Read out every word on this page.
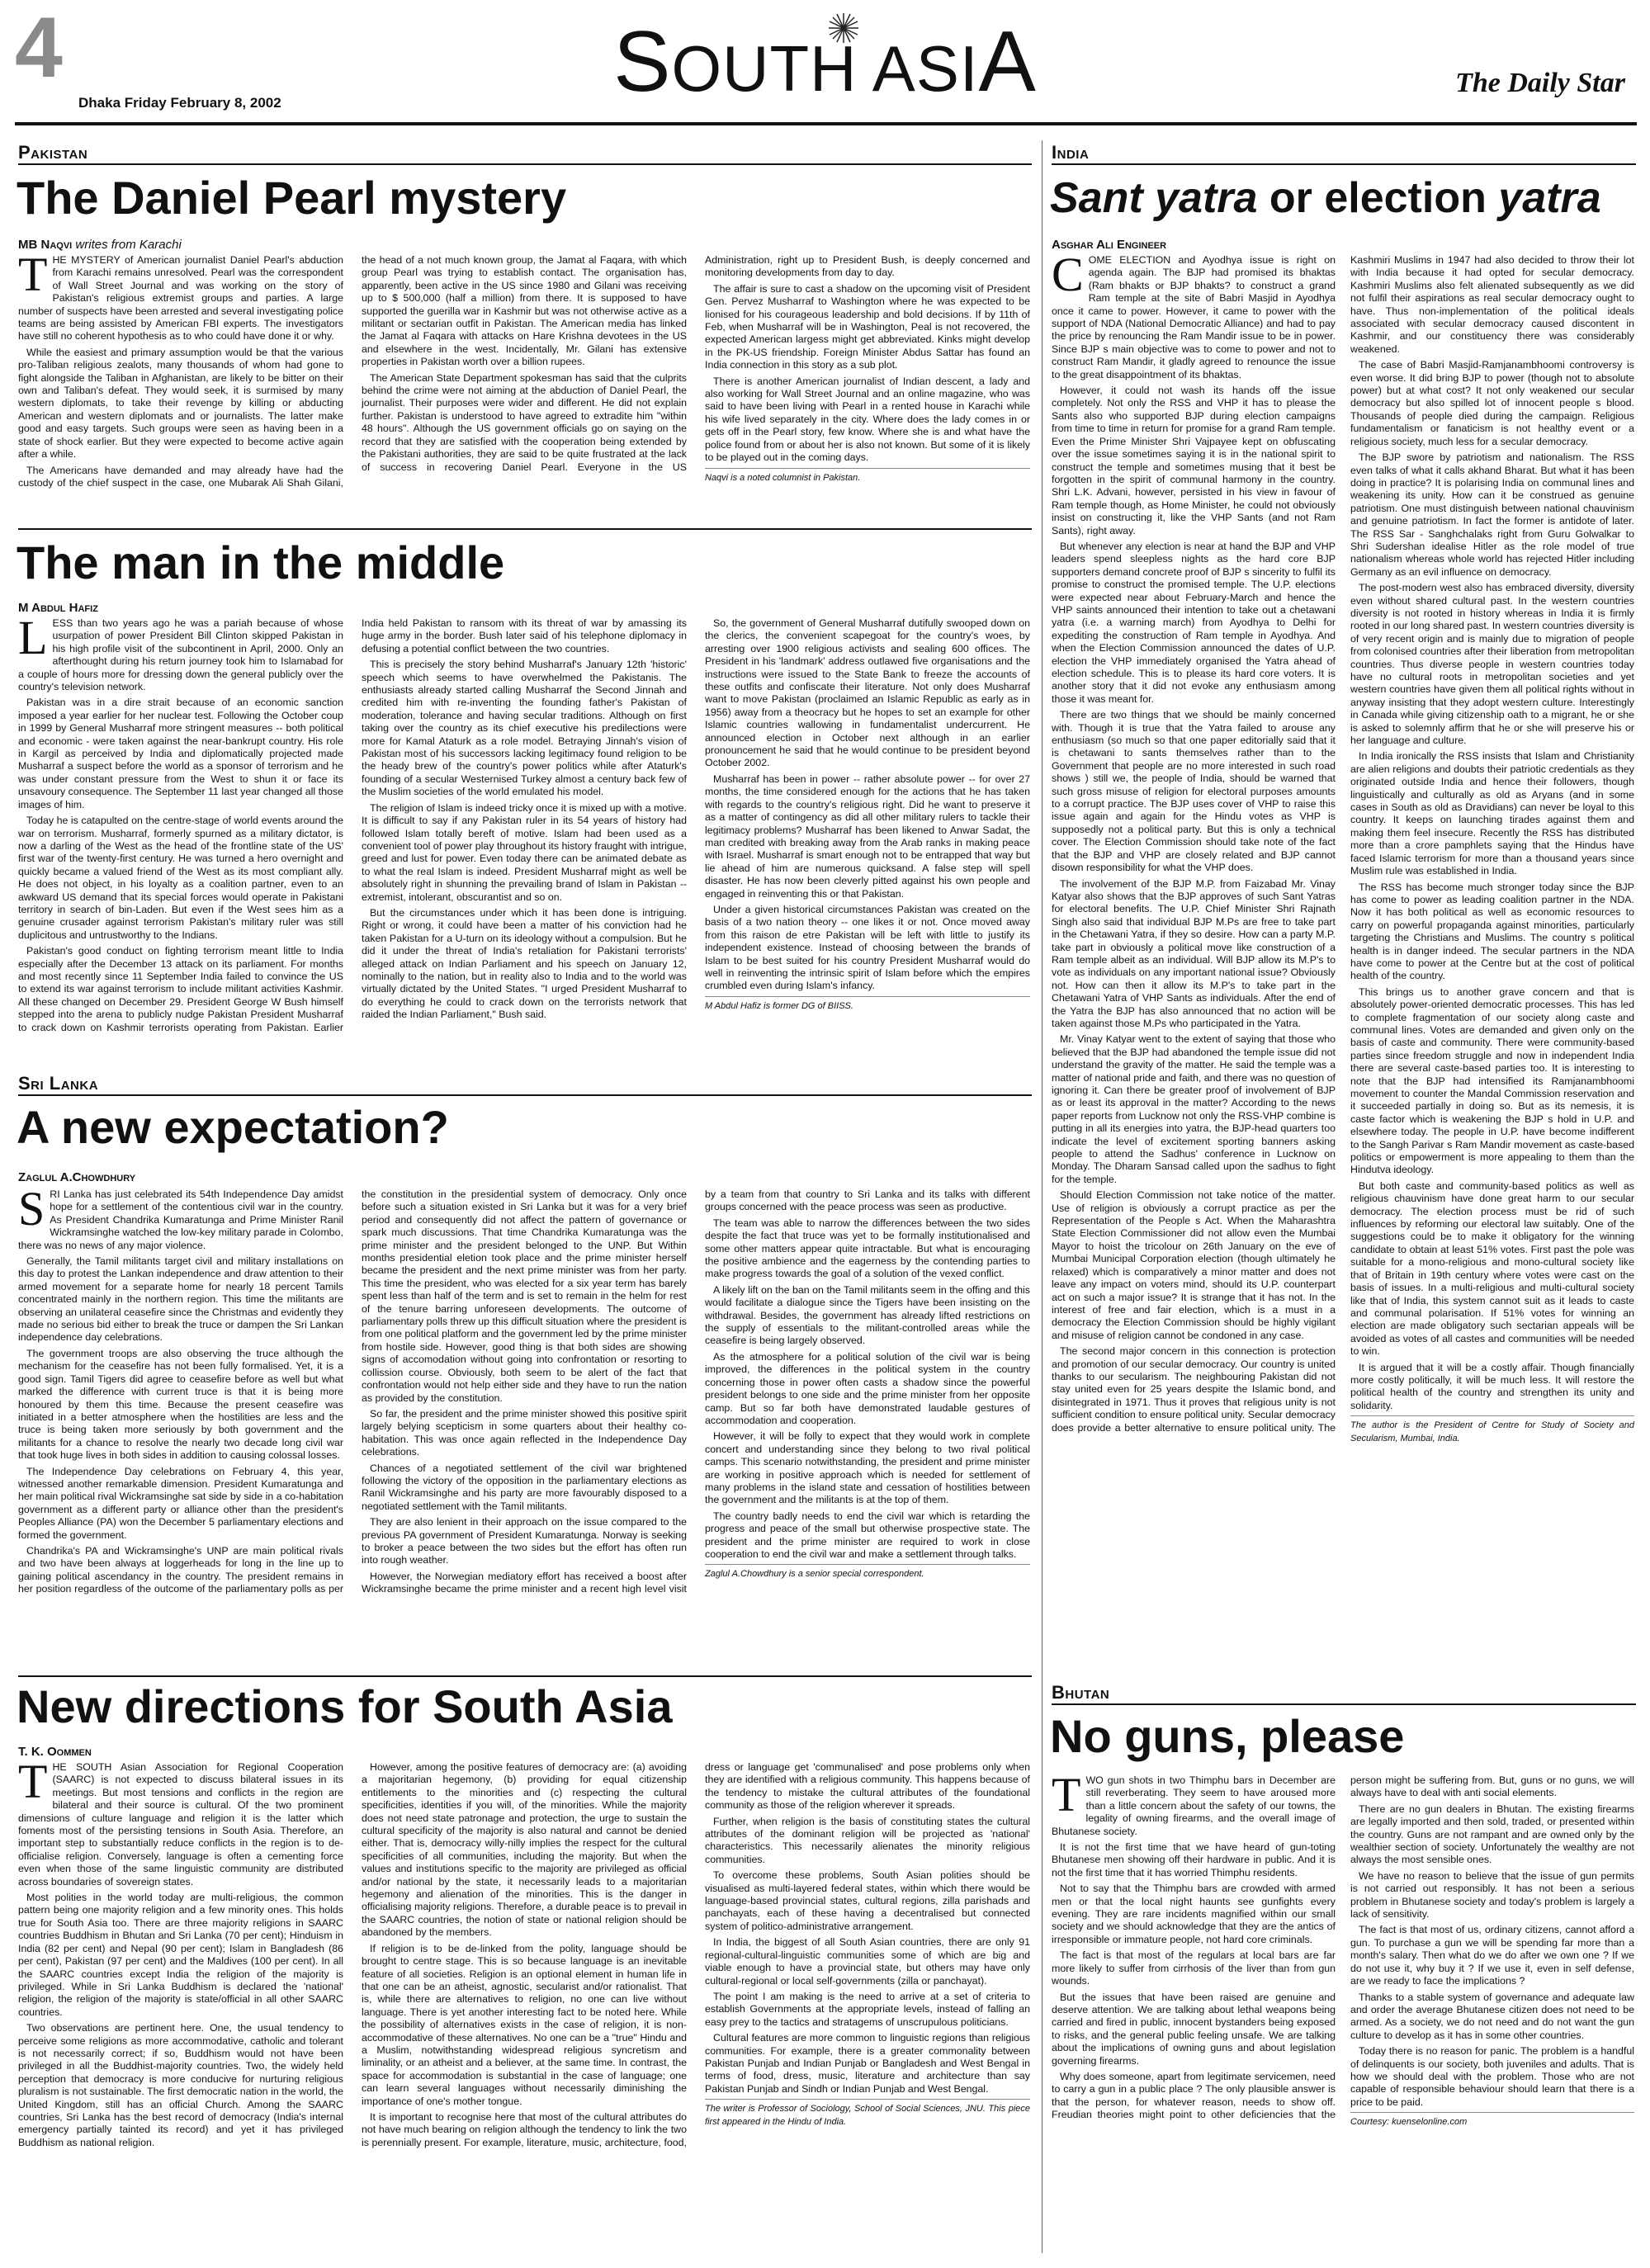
4
Dhaka Friday February 8, 2002	SOUTH ASIA	The Daily Star
Pakistan
The Daniel Pearl mystery
MB Naqvi writes from Karachi

THE MYSTERY of American journalist Daniel Pearl's abduction from Karachi remains unresolved. Pearl was the correspondent of Wall Street Journal and was working on the story of Pakistan's religious extremist groups and parties. A large number of suspects have been arrested and several investigating police teams are being assisted by American FBI experts. The investigators have still no coherent hypothesis as to who could have done it or why.

While the easiest and primary assumption would be that the various pro-Taliban religious zealots, many thousands of whom had gone to fight alongside the Taliban in Afghanistan, are likely to be bitter on their own and Taliban's defeat. They would seek, it is surmised by many western diplomats, to take their revenge by killing or abducting American and western diplomats and or journalists. The latter make good and easy targets. Such groups were seen as having been in a state of shock earlier. But they were expected to become active again after a while.

The Americans have demanded and may already have had the custody of the chief suspect in the case, one Mubarak Ali Shah Gilani, the head of a not much known group, the Jamat al Faqara, with which group Pearl was trying to establish contact. The organisation has, apparently, been active in the US since 1980 and Gilani was receiving up to $ 500,000 (half a million) from there. It is supposed to have supported the guerilla war in Kashmir but was not otherwise active as a militant or sectarian outfit in Pakistan. The American media has linked the Jamat al Faqara with attacks on Hare Krishna devotees in the US and elsewhere in the west. Incidentally, Mr. Gilani has extensive properties in Pakistan worth over a billion rupees.

The American State Department spokesman has said that the culprits behind the crime were not aiming at the abduction of Daniel Pearl, the journalist. Their purposes were wider and different. He did not explain further. Pakistan is understood to have agreed to extradite him "within 48 hours". Although the US government officials go on saying on the record that they are satisfied with the cooperation being extended by the Pakistani authorities, they are said to be quite frustrated at the lack of success in recovering Daniel Pearl. Everyone in the US Administration, right up to President Bush, is deeply concerned and monitoring developments from day to day.

The affair is sure to cast a shadow on the upcoming visit of President Gen. Pervez Musharraf to Washington where he was expected to be lionised for his courageous leadership and bold decisions. If by 11th of Feb, when Musharraf will be in Washington, Peal is not recovered, the expected American largess might get abbreviated. Kinks might develop in the PK-US friendship. Foreign Minister Abdus Sattar has found an India connection in this story as a sub plot.

There is another American journalist of Indian descent, a lady and also working for Wall Street Journal and an online magazine, who was said to have been living with Pearl in a rented house in Karachi while his wife lived separately in the city. Where does the lady comes in or gets off in the Pearl story, few know. Where she is and what have the police found from or about her is also not known. But some of it is likely to be played out in the coming days.

Naqvi is a noted columnist in Pakistan.

The man in the middle
M Abdul Hafiz

LESS than two years ago he was a pariah because of whose usurpation of power President Bill Clinton skipped Pakistan in his high profile visit of the subcontinent in April, 2000. Only an afterthought during his return journey took him to Islamabad for a couple of hours more for dressing down the general publicly over the country's television network.

Pakistan was in a dire strait because of an economic sanction imposed a year earlier for her nuclear test. Following the October coup in 1999 by General Musharraf more stringent measures -- both political and economic - were taken against the near-bankrupt country. His role in Kargil as perceived by India and diplomatically projected made Musharraf a suspect before the world as a sponsor of terrorism and he was under constant pressure from the West to shun it or face its unsavoury consequence. The September 11 last year changed all those images of him.

Today he is catapulted on the centre-stage of world events around the war on terrorism. Musharraf, formerly spurned as a military dictator, is now a darling of the West as the head of the frontline state of the US' first war of the twenty-first century. He was turned a hero overnight and quickly became a valued friend of the West as its most compliant ally. He does not object, in his loyalty as a coalition partner, even to an awkward US demand that its special forces would operate in Pakistani territory in search of bin-Laden. But even if the West sees him as a genuine crusader against terrorism Pakistan's military ruler was still duplicitous and untrustworthy to the Indians.

Pakistan's good conduct on fighting terrorism meant little to India especially after the December 13 attack on its parliament. For months and most recently since 11 September India failed to convince the US to extend its war against terrorism to include militant activities Kashmir. All these changed on December 29. President George W Bush himself stepped into the arena to publicly nudge Pakistan President Musharraf to crack down on Kashmir terrorists operating from Pakistan. Earlier India held Pakistan to ransom with its threat of war by amassing its huge army in the border. Bush later said of his telephone diplomacy in defusing a potential conflict between the two countries.

This is precisely the story behind Musharraf's January 12th 'historic' speech which seems to have overwhelmed the Pakistanis. The enthusiasts already started calling Musharraf the Second Jinnah and credited him with re-inventing the founding father's Pakistan of moderation, tolerance and having secular traditions. Although on first taking over the country as its chief executive his predilections were more for Kamal Ataturk as a role model. Betraying Jinnah's vision of Pakistan most of his successors lacking legitimacy found religion to be the heady brew of the country's power politics while after Ataturk's founding of a secular Westernised Turkey almost a century back few of the Muslim societies of the world emulated his model.

The religion of Islam is indeed tricky once it is mixed up with a motive. It is difficult to say if any Pakistan ruler in its 54 years of history had followed Islam totally bereft of motive. Islam had been used as a convenient tool of power play throughout its history fraught with intrigue, greed and lust for power. Even today there can be animated debate as to what the real Islam is indeed. President Musharraf might as well be absolutely right in shunning the prevailing brand of Islam in Pakistan -- extremist, intolerant, obscurantist and so on.

But the circumstances under which it has been done is intriguing. Right or wrong, it could have been a matter of his conviction had he taken Pakistan for a U-turn on its ideology without a compulsion. But he did it under the threat of India's retaliation for Pakistani terrorists' alleged attack on Indian Parliament and his speech on January 12, nominally to the nation, but in reality also to India and to the world was virtually dictated by the United States. "I urged President Musharraf to do everything he could to crack down on the terrorists network that raided the Indian Parliament," Bush said.

So, the government of General Musharraf dutifully swooped down on the clerics, the convenient scapegoat for the country's woes, by arresting over 1900 religious activists and sealing 600 offices. The President in his 'landmark' address outlawed five organisations and the instructions were issued to the State Bank to freeze the accounts of these outfits and confiscate their literature. Not only does Musharraf want to move Pakistan (proclaimed an Islamic Republic as early as in 1956) away from a theocracy but he hopes to set an example for other Islamic countries wallowing in fundamentalist undercurrent. He announced election in October next although in an earlier pronouncement he said that he would continue to be president beyond October 2002.

Musharraf has been in power -- rather absolute power -- for over 27 months, the time considered enough for the actions that he has taken with regards to the country's religious right. Did he want to preserve it as a matter of contingency as did all other military rulers to tackle their legitimacy problems? Musharraf has been likened to Anwar Sadat, the man credited with breaking away from the Arab ranks in making peace with Israel. Musharraf is smart enough not to be entrapped that way but lie ahead of him are numerous quicksand. A false step will spell disaster. He has now been cleverly pitted against his own people and engaged in reinventing this or that Pakistan.

Under a given historical circumstances Pakistan was created on the basis of a two nation theory -- one likes it or not. Once moved away from this raison de etre Pakistan will be left with little to justify its independent existence. Instead of choosing between the brands of Islam to be best suited for his country President Musharraf would do well in reinventing the intrinsic spirit of Islam before which the empires crumbled even during Islam's infancy.

M Abdul Hafiz is former DG of BIISS.

Sri Lanka
A new expectation?
Zaglul A.Chowdhury

SRI Lanka has just celebrated its 54th Independence Day amidst hope for a settlement of the contentious civil war in the country. As President Chandrika Kumaratunga and Prime Minister Ranil Wickramsinghe watched the low-key military parade in Colombo, there was no news of any major violence.

Generally, the Tamil militants target civil and military installations on this day to protest the Lankan independence and draw attention to their armed movement for a separate home for nearly 18 percent Tamils concentrated mainly in the northern region. This time the militants are observing an unilateral ceasefire since the Christmas and evidently they made no serious bid either to break the truce or dampen the Sri Lankan independence day celebrations.

The government troops are also observing the truce although the mechanism for the ceasefire has not been fully formalised. Yet, it is a good sign. Tamil Tigers did agree to ceasefire before as well but what marked the difference with current truce is that it is being more honoured by them this time. Because the present ceasefire was initiated in a better atmosphere when the hostilities are less and the truce is being taken more seriously by both government and the militants for a chance to resolve the nearly two decade long civil war that took huge lives in both sides in addition to causing colossal losses.

The Independence Day celebrations on February 4, this year, witnessed another remarkable dimension. President Kumaratunga and her main political rival Wickramsinghe sat side by side in a co-habitation government as a different party or alliance other than the president's Peoples Alliance (PA) won the December 5 parliamentary elections and formed the government.

Chandrika's PA and Wickramsinghe's UNP are main political rivals and two have been always at loggerheads for long in the line up to gaining political ascendancy in the country. The president remains in her position regardless of the outcome of the parliamentary polls as per the constitution in the presidential system of democracy. Only once before such a situation existed in Sri Lanka but it was for a very brief period and consequently did not affect the pattern of governance or spark much discussions. That time Chandrika Kumaratunga was the prime minister and the president belonged to the UNP. But Within months presidential eletion took place and the prime minister herself became the president and the next prime minister was from her party. This time the president, who was elected for a six year term has barely spent less than half of the term and is set to remain in the helm for rest of the tenure barring unforeseen developments. The outcome of parliamentary polls threw up this difficult situation where the president is from one political platform and the government led by the prime minister from hostile side. However, good thing is that both sides are showing signs of accomodation without going into confrontation or resorting to collission course. Obviously, both seem to be alert of the fact that confrontation would not help either side and they have to run the nation as provided by the constitution.

So far, the president and the prime minister showed this positive spirit largely belying scepticism in some quarters about their healthy co-habitation. This was once again reflected in the Independence Day celebrations.

Chances of a negotiated settlement of the civil war brightened following the victory of the opposition in the parliamentary elections as Ranil Wickramsinghe and his party are more favourably disposed to a negotiated settlement with the Tamil militants.

They are also lenient in their approach on the issue compared to the previous PA government of President Kumaratunga. Norway is seeking to broker a peace between the two sides but the effort has often run into rough weather.

However, the Norwegian mediatory effort has received a boost after Wickramsinghe became the prime minister and a recent high level visit by a team from that country to Sri Lanka and its talks with different groups concerned with the peace process was seen as productive.

The team was able to narrow the differences between the two sides despite the fact that truce was yet to be formally institutionalised and some other matters appear quite intractable. But what is encouraging the positive ambience and the eagerness by the contending parties to make progress towards the goal of a solution of the vexed conflict.

A likely lift on the ban on the Tamil militants seem in the offing and this would facilitate a dialogue since the Tigers have been insisting on the withdrawal. Besides, the government has already lifted restrictions on the supply of essentials to the militant-controlled areas while the ceasefire is being largely observed.

As the atmosphere for a political solution of the civil war is being improved, the differences in the political system in the country concerning those in power often casts a shadow since the powerful president belongs to one side and the prime minister from her opposite camp. But so far both have demonstrated laudable gestures of accommodation and cooperation.

However, it will be folly to expect that they would work in complete concert and understanding since they belong to two rival political camps. This scenario notwithstanding, the president and prime minister are working in positive approach which is needed for settlement of many problems in the island state and cessation of hostilities between the government and the militants is at the top of them.

The country badly needs to end the civil war which is retarding the progress and peace of the small but otherwise prospective state. The president and the prime minister are required to work in close cooperation to end the civil war and make a settlement through talks.

Zaglul A.Chowdhury is a senior special correspondent.

India
Sant yatra or election yatra
Asghar Ali Engineer

COME ELECTION and Ayodhya issue is right on agenda again. The BJP had promised its bhaktas (Ram bhakts or BJP bhakts? to construct a grand Ram temple at the site of Babri Masjid in Ayodhya once it came to power. However, it came to power with the support of NDA (National Democratic Alliance) and had to pay the price by renouncing the Ram Mandir issue to be in power. Since BJP s main objective was to come to power and not to construct Ram Mandir, it gladly agreed to renounce the issue to the great disappointment of its bhaktas.

However, it could not wash its hands off the issue completely. Not only the RSS and VHP it has to please the Sants also who supported BJP during election campaigns from time to time in return for promise for a grand Ram temple. Even the Prime Minister Shri Vajpayee kept on obfuscating over the issue sometimes saying it is in the national spirit to construct the temple and sometimes musing that it best be forgotten in the spirit of communal harmony in the country. Shri L.K. Advani, however, persisted in his view in favour of Ram temple though, as Home Minister, he could not obviously insist on constructing it, like the VHP Sants (and not Ram Sants), right away.

But whenever any election is near at hand the BJP and VHP leaders spend sleepless nights as the hard core BJP supporters demand concrete proof of BJP s sincerity to fulfil its promise to construct the promised temple. The U.P. elections were expected near about February-March and hence the VHP saints announced their intention to take out a chetawani yatra (i.e. a warning march) from Ayodhya to Delhi for expediting the construction of Ram temple in Ayodhya. And when the Election Commission announced the dates of U.P. election the VHP immediately organised the Yatra ahead of election schedule. This is to please its hard core voters. It is another story that it did not evoke any enthusiasm among those it was meant for.

There are two things that we should be mainly concerned with. Though it is true that the Yatra failed to arouse any enthusiasm (so much so that one paper editorially said that it is chetawani to sants themselves rather than to the Government that people are no more interested in such road shows ) still we, the people of India, should be warned that such gross misuse of religion for electoral purposes amounts to a corrupt practice. The BJP uses cover of VHP to raise this issue again and again for the Hindu votes as VHP is supposedly not a political party. But this is only a technical cover. The Election Commission should take note of the fact that the BJP and VHP are closely related and BJP cannot disown responsibility for what the VHP does.

The involvement of the BJP M.P. from Faizabad Mr. Vinay Katyar also shows that the BJP approves of such Sant Yatras for electoral benefits. The U.P. Chief Minister Shri Rajnath Singh also said that individual BJP M.Ps are free to take part in the Chetawani Yatra, if they so desire. How can a party M.P. take part in obviously a political move like construction of a Ram temple albeit as an individual. Will BJP allow its M.P's to vote as individuals on any important national issue? Obviously not. How can then it allow its M.P's to take part in the Chetawani Yatra of VHP Sants as individuals. After the end of the Yatra the BJP has also announced that no action will be taken against those M.Ps who participated in the Yatra.

Mr. Vinay Katyar went to the extent of saying that those who believed that the BJP had abandoned the temple issue did not understand the gravity of the matter. He said the temple was a matter of national pride and faith, and there was no question of ignoring it. Can there be greater proof of involvement of BJP as or least its approval in the matter? According to the news paper reports from Lucknow not only the RSS-VHP combine is putting in all its energies into yatra, the BJP-head quarters too indicate the level of excitement sporting banners asking people to attend the Sadhus' conference in Lucknow on Monday. The Dharam Sansad called upon the sadhus to fight for the temple.

Should Election Commission not take notice of the matter. Use of religion is obviously a corrupt practice as per the Representation of the People s Act. When the Maharashtra State Election Commissioner did not allow even the Mumbai Mayor to hoist the tricolour on 26th January on the eve of Mumbai Municipal Corporation election (though ultimately he relaxed) which is comparatively a minor matter and does not leave any impact on voters mind, should its U.P. counterpart act on such a major issue? It is strange that it has not. In the interest of free and fair election, which is a must in a democracy the Election Commission should be highly vigilant and misuse of religion cannot be condoned in any case.

The second major concern in this connection is protection and promotion of our secular democracy. Our country is united thanks to our secularism. The neighbouring Pakistan did not stay united even for 25 years despite the Islamic bond, and disintegrated in 1971. Thus it proves that religious unity is not sufficient condition to ensure political unity. Secular democracy does provide a better alternative to ensure political unity. The Kashmiri Muslims in 1947 had also decided to throw their lot with India because it had opted for secular democracy. Kashmiri Muslims also felt alienated subsequently as we did not fulfil their aspirations as real secular democracy ought to have. Thus non-implementation of the political ideals associated with secular democracy caused discontent in Kashmir, and our constituency there was considerably weakened.

The case of Babri Masjid-Ramjanambhoomi controversy is even worse. It did bring BJP to power (though not to absolute power) but at what cost? It not only weakened our secular democracy but also spilled lot of innocent people s blood. Thousands of people died during the campaign. Religious fundamentalism or fanaticism is not healthy event or a religious society, much less for a secular democracy.

The BJP swore by patriotism and nationalism. The RSS even talks of what it calls akhand Bharat. But what it has been doing in practice? It is polarising India on communal lines and weakening its unity. How can it be construed as genuine patriotism. One must distinguish between national chauvinism and genuine patriotism. In fact the former is antidote of later. The RSS Sar - Sanghchalaks right from Guru Golwalkar to Shri Sudershan idealise Hitler as the role model of true nationalism whereas whole world has rejected Hitler including Germany as an evil influence on democracy.

The post-modern west also has embraced diversity, diversity even without shared cultural past. In the western countries diversity is not rooted in history whereas in India it is firmly rooted in our long shared past. In western countries diversity is of very recent origin and is mainly due to migration of people from colonised countries after their liberation from metropolitan countries. Thus diverse people in western countries today have no cultural roots in metropolitan societies and yet western countries have given them all political rights without in anyway insisting that they adopt western culture. Interestingly in Canada while giving citizenship oath to a migrant, he or she is asked to solemnly affirm that he or she will preserve his or her language and culture.

In India ironically the RSS insists that Islam and Christianity are alien religions and doubts their patriotic credentials as they originated outside India and hence their followers, though linguistically and culturally as old as Aryans (and in some cases in South as old as Dravidians) can never be loyal to this country. It keeps on launching tirades against them and making them feel insecure. Recently the RSS has distributed more than a crore pamphlets saying that the Hindus have faced Islamic terrorism for more than a thousand years since Muslim rule was established in India.

The RSS has become much stronger today since the BJP has come to power as leading coalition partner in the NDA. Now it has both political as well as economic resources to carry on powerful propaganda against minorities, particularly targeting the Christians and Muslims. The country s political health is in danger indeed. The secular partners in the NDA have come to power at the Centre but at the cost of political health of the country.

This brings us to another grave concern and that is absolutely power-oriented democratic processes. This has led to complete fragmentation of our society along caste and communal lines. Votes are demanded and given only on the basis of caste and community. There were community-based parties since freedom struggle and now in independent India there are several caste-based parties too. It is interesting to note that the BJP had intensified its Ramjanambhoomi movement to counter the Mandal Commission reservation and it succeeded partially in doing so. But as its nemesis, it is caste factor which is weakening the BJP s hold in U.P. and elsewhere today. The people in U.P. have become indifferent to the Sangh Parivar s Ram Mandir movement as caste-based politics or empowerment is more appealing to them than the Hindutva ideology.

But both caste and community-based politics as well as religious chauvinism have done great harm to our secular democracy. The election process must be rid of such influences by reforming our electoral law suitably. One of the suggestions could be to make it obligatory for the winning candidate to obtain at least 51% votes. First past the pole was suitable for a mono-religious and mono-cultural society like that of Britain in 19th century where votes were cast on the basis of issues. In a multi-religious and multi-cultural society like that of India, this system cannot suit as it leads to caste and communal polarisation. If 51% votes for winning an election are made obligatory such sectarian appeals will be avoided as votes of all castes and communities will be needed to win.

It is argued that it will be a costly affair. Though financially more costly politically, it will be much less. It will restore the political health of the country and strengthen its unity and solidarity.

The author is the President of Centre for Study of Society and Secularism, Mumbai, India.

New directions for South Asia
T. K. Oommen

THE SOUTH Asian Association for Regional Cooperation (SAARC) is not expected to discuss bilateral issues in its meetings. But most tensions and conflicts in the region are bilateral and their source is cultural. Of the two prominent dimensions of culture language and religion it is the latter which foments most of the persisting tensions in South Asia. Therefore, an important step to substantially reduce conflicts in the region is to de-officialise religion. Conversely, language is often a cementing force even when those of the same linguistic community are distributed across boundaries of sovereign states.

Most polities in the world today are multi-religious, the common pattern being one majority religion and a few minority ones. This holds true for South Asia too. There are three majority religions in SAARC countries Buddhism in Bhutan and Sri Lanka (70 per cent); Hinduism in India (82 per cent) and Nepal (90 per cent); Islam in Bangladesh (86 per cent), Pakistan (97 per cent) and the Maldives (100 per cent). In all the SAARC countries except India the religion of the majority is privileged. While in Sri Lanka Buddhism is declared the 'national' religion, the religion of the majority is state/official in all other SAARC countries.

Two observations are pertinent here. One, the usual tendency to perceive some religions as more accommodative, catholic and tolerant is not necessarily correct; if so, Buddhism would not have been privileged in all the Buddhist-majority countries. Two, the widely held perception that democracy is more conducive for nurturing religious pluralism is not sustainable. The first democratic nation in the world, the United Kingdom, still has an official Church. Among the SAARC countries, Sri Lanka has the best record of democracy (India's internal emergency partially tainted its record) and yet it has privileged Buddhism as national religion.

However, among the positive features of democracy are: (a) avoiding a majoritarian hegemony, (b) providing for equal citizenship entitlements to the minorities and (c) respecting the cultural specificities, identities if you will, of the minorities. While the majority does not need state patronage and protection, the urge to sustain the cultural specificity of the majority is also natural and cannot be denied either. That is, democracy willy-nilly implies the respect for the cultural specificities of all communities, including the majority. But when the values and institutions specific to the majority are privileged as official and/or national by the state, it necessarily leads to a majoritarian hegemony and alienation of the minorities. This is the danger in officialising majority religions. Therefore, a durable peace is to prevail in the SAARC countries, the notion of state or national religion should be abandoned by the members.

If religion is to be de-linked from the polity, language should be brought to centre stage. This is so because language is an inevitable feature of all societies. Religion is an optional element in human life in that one can be an atheist, agnostic, secularist and/or rationalist. That is, while there are alternatives to religion, no one can live without language. There is yet another interesting fact to be noted here. While the possibility of alternatives exists in the case of religion, it is non-accommodative of these alternatives. No one can be a "true" Hindu and a Muslim, notwithstanding widespread religious syncretism and liminality, or an atheist and a believer, at the same time. In contrast, the space for accommodation is substantial in the case of language; one can learn several languages without necessarily diminishing the importance of one's mother tongue.

It is important to recognise here that most of the cultural attributes do not have much bearing on religion although the tendency to link the two is perennially present. For example, literature, music, architecture, food, dress or language get 'communalised' and pose problems only when they are identified with a religious community. This happens because of the tendency to mistake the cultural attributes of the foundational community as those of the religion wherever it spreads.

Further, when religion is the basis of constituting states the cultural attributes of the dominant religion will be projected as 'national' characteristics. This necessarily alienates the minority religious communities.

To overcome these problems, South Asian polities should be visualised as multi-layered federal states, within which there would be language-based provincial states, cultural regions, zilla parishads and panchayats, each of these having a decentralised but connected system of politico-administrative arrangement.

In India, the biggest of all South Asian countries, there are only 91 regional-cultural-linguistic communities some of which are big and viable enough to have a provincial state, but others may have only cultural-regional or local self-governments (zilla or panchayat).

The point I am making is the need to arrive at a set of criteria to establish Governments at the appropriate levels, instead of falling an easy prey to the tactics and stratagems of unscrupulous politicians.

Cultural features are more common to linguistic regions than religious communities. For example, there is a greater commonality between Pakistan Punjab and Indian Punjab or Bangladesh and West Bengal in terms of food, dress, music, literature and architecture than say Pakistan Punjab and Sindh or Indian Punjab and West Bengal.

The writer is Professor of Sociology, School of Social Sciences, JNU. This piece first appeared in the Hindu of India.

Bhutan
No guns, please

TWO gun shots in two Thimphu bars in December are still reverberating. They seem to have aroused more than a little concern about the safety of our towns, the legality of owning firearms, and the overall image of Bhutanese society.

It is not the first time that we have heard of gun-toting Bhutanese men showing off their hardware in public. And it is not the first time that it has worried Thimphu residents.

Not to say that the Thimphu bars are crowded with armed men or that the local night haunts see gunfights every evening. They are rare incidents magnified within our small society and we should acknowledge that they are the antics of irresponsible or immature people, not hard core criminals.

The fact is that most of the regulars at local bars are far more likely to suffer from cirrhosis of the liver than from gun wounds.

But the issues that have been raised are genuine and deserve attention. We are talking about lethal weapons being carried and fired in public, innocent bystanders being exposed to risks, and the general public feeling unsafe. We are talking about the implications of owning guns and about legislation governing firearms.

Why does someone, apart from legitimate servicemen, need to carry a gun in a public place ? The only plausible answer is that the person, for whatever reason, needs to show off. Freudian theories might point to other deficiencies that the person might be suffering from. But, guns or no guns, we will always have to deal with anti social elements.

There are no gun dealers in Bhutan. The existing firearms are legally imported and then sold, traded, or presented within the country. Guns are not rampant and are owned only by the wealthier section of society. Unfortunately the wealthy are not always the most sensible ones.

We have no reason to believe that the issue of gun permits is not carried out responsibly. It has not been a serious problem in Bhutanese society and today's problem is largely a lack of sensitivity.

The fact is that most of us, ordinary citizens, cannot afford a gun. To purchase a gun we will be spending far more than a month's salary. Then what do we do after we own one ? If we do not use it, why buy it ? If we use it, even in self defense, are we ready to face the implications ?

Thanks to a stable system of governance and adequate law and order the average Bhutanese citizen does not need to be armed. As a society, we do not need and do not want the gun culture to develop as it has in some other countries.

Today there is no reason for panic. The problem is a handful of delinquents is our society, both juveniles and adults. That is how we should deal with the problem. Those who are not capable of responsible behaviour should learn that there is a price to be paid.

Courtesy: kuenselonline.com
